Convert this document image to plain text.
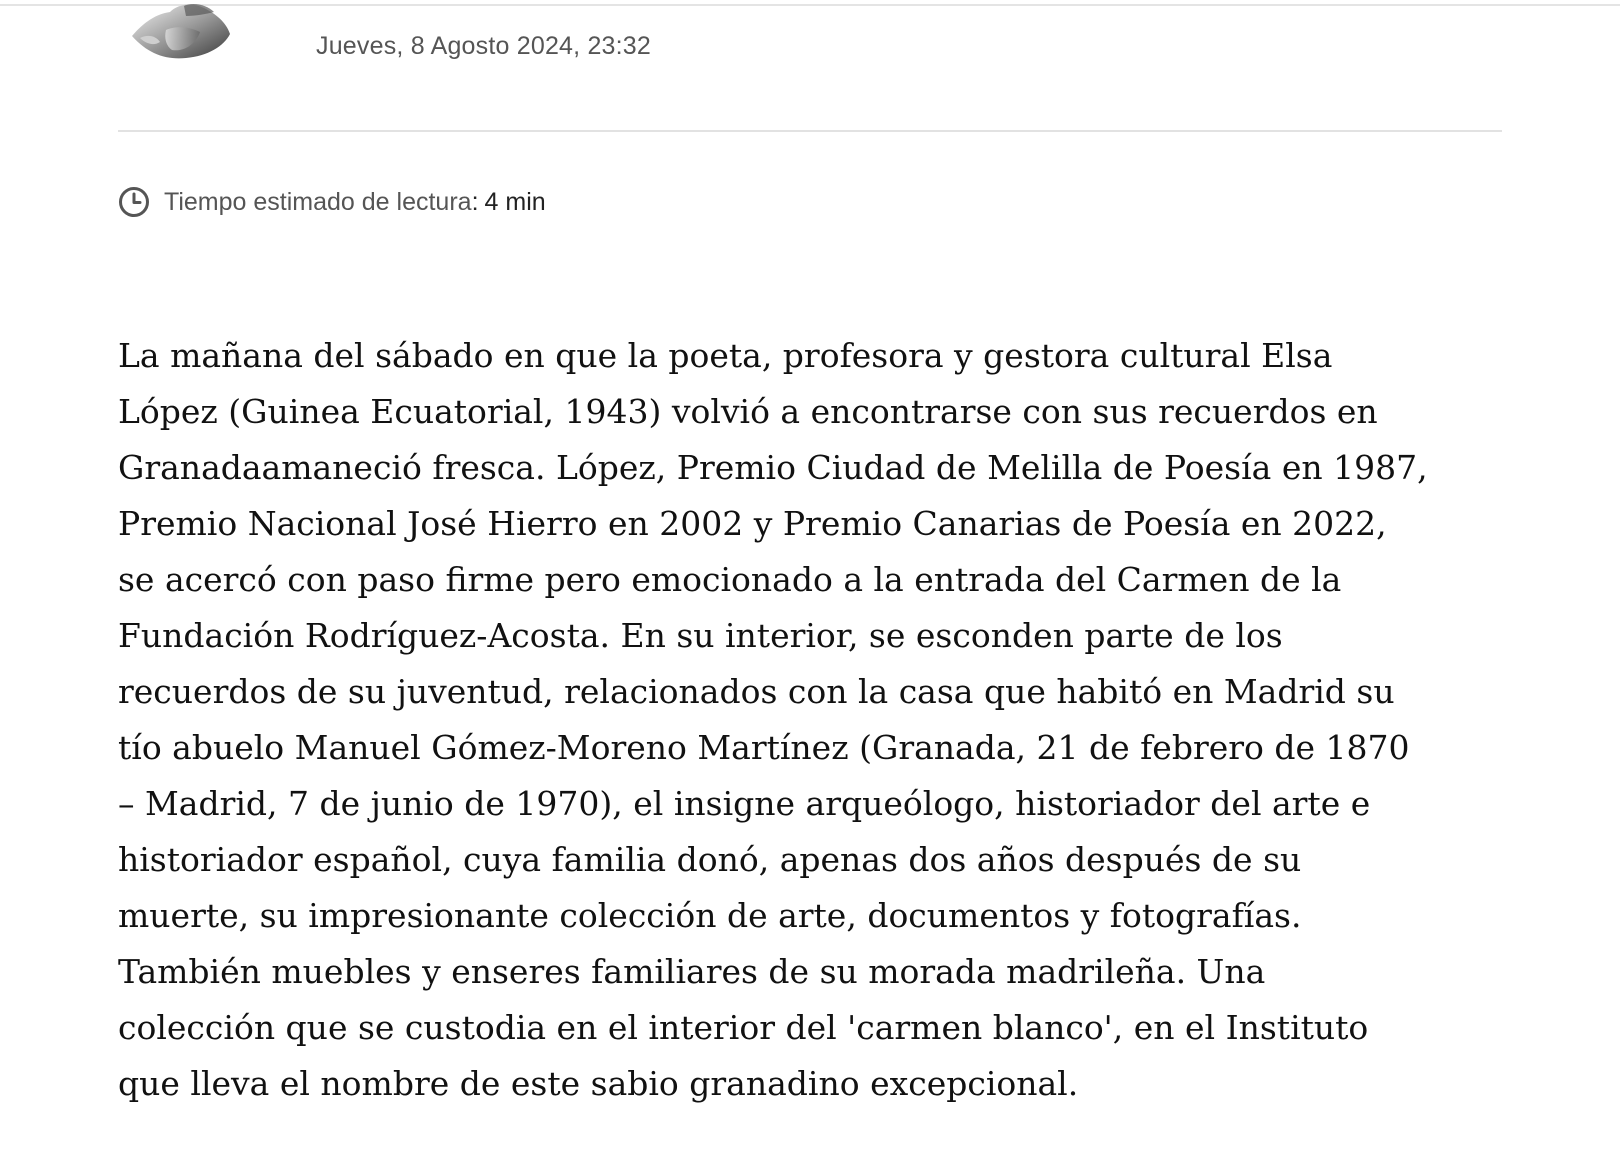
Jueves, 8 Agosto 2024, 23:32
Tiempo estimado de lectura : 4 min

La mañana del sábado en que la poeta, profesora y gestora cultural Elsa
López (Guinea Ecuatorial, 1943) volvió a encontrarse con sus recuerdos en
Granadaamaneció fresca. López, Premio Ciudad de Melilla de Poesía en 1987,
Premio Nacional José Hierro en 2002 y Premio Canarias de Poesía en 2022,
se acercó con paso firme pero emocionado a la entrada del Carmen de la
Fundación Rodríguez-Acosta. En su interior, se esconden parte de los
recuerdos de su juventud, relacionados con la casa que habitó en Madrid su
tío abuelo Manuel Gómez-Moreno Martínez (Granada, 21 de febrero de 1870
– Madrid, 7 de junio de 1970), el insigne arqueólogo, historiador del arte e
historiador español, cuya familia donó, apenas dos años después de su
muerte, su impresionante colección de arte, documentos y fotografías.
También muebles y enseres familiares de su morada madrileña. Una
colección que se custodia en el interior del 'carmen blanco', en el Instituto
que lleva el nombre de este sabio granadino excepcional.
